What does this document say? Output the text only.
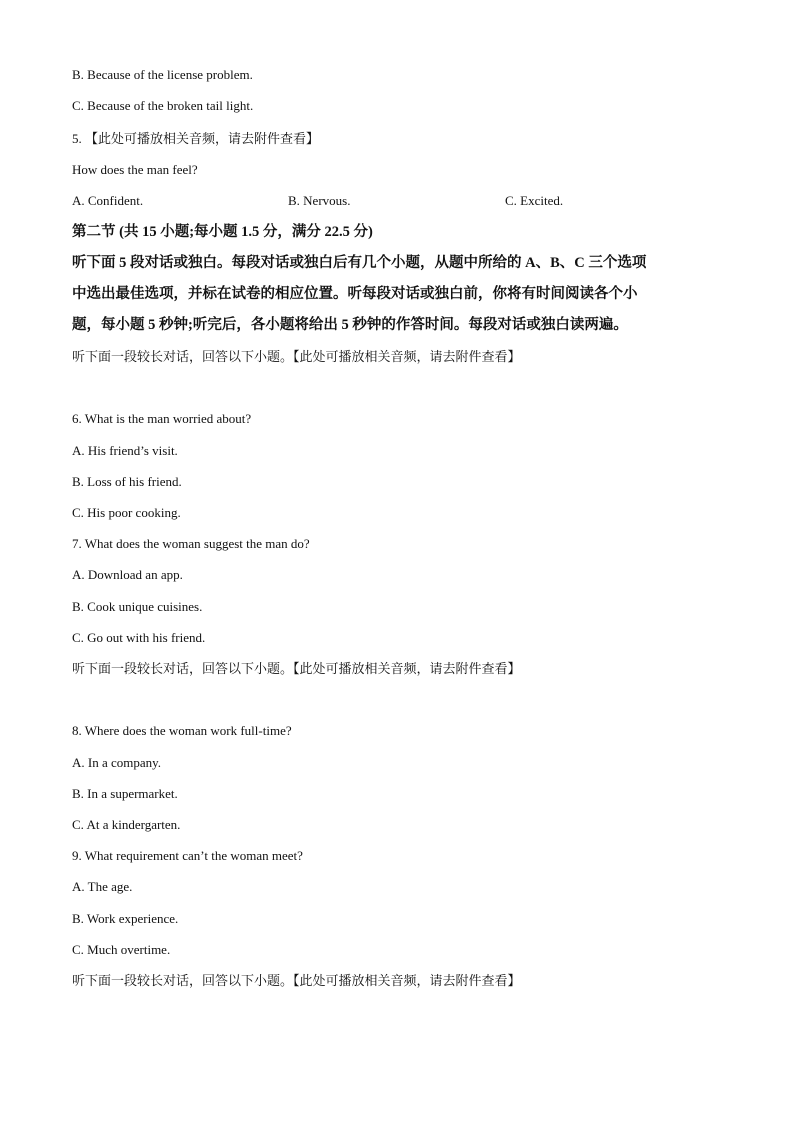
B. Because of the license problem.
C. Because of the broken tail light.
5. 【此处可播放相关音频，请去附件查看】
How does the man feel?
A. Confident.	B. Nervous.	C. Excited.
第二节 (共 15 小题;每小题 1.5 分，满分 22.5 分)
听下面 5 段对话或独白。每段对话或独白后有几个小题，从题中所给的 A、B、C 三个选项
中选出最佳选项，并标在试卷的相应位置。听每段对话或独白前，你将有时间阅读各个小
题，每小题 5 秒钟;听完后，各小题将给出 5 秒钟的作答时间。每段对话或独白读两遍。
听下面一段较长对话，回答以下小题。【此处可播放相关音频，请去附件查看】
6. What is the man worried about?
A. His friend’s visit.
B. Loss of his friend.
C. His poor cooking.
7. What does the woman suggest the man do?
A. Download an app.
B. Cook unique cuisines.
C. Go out with his friend.
听下面一段较长对话，回答以下小题。【此处可播放相关音频，请去附件查看】
8. Where does the woman work full-time?
A. In a company.
B. In a supermarket.
C. At a kindergarten.
9. What requirement can’t the woman meet?
A. The age.
B. Work experience.
C. Much overtime.
听下面一段较长对话，回答以下小题。【此处可播放相关音频，请去附件查看】
